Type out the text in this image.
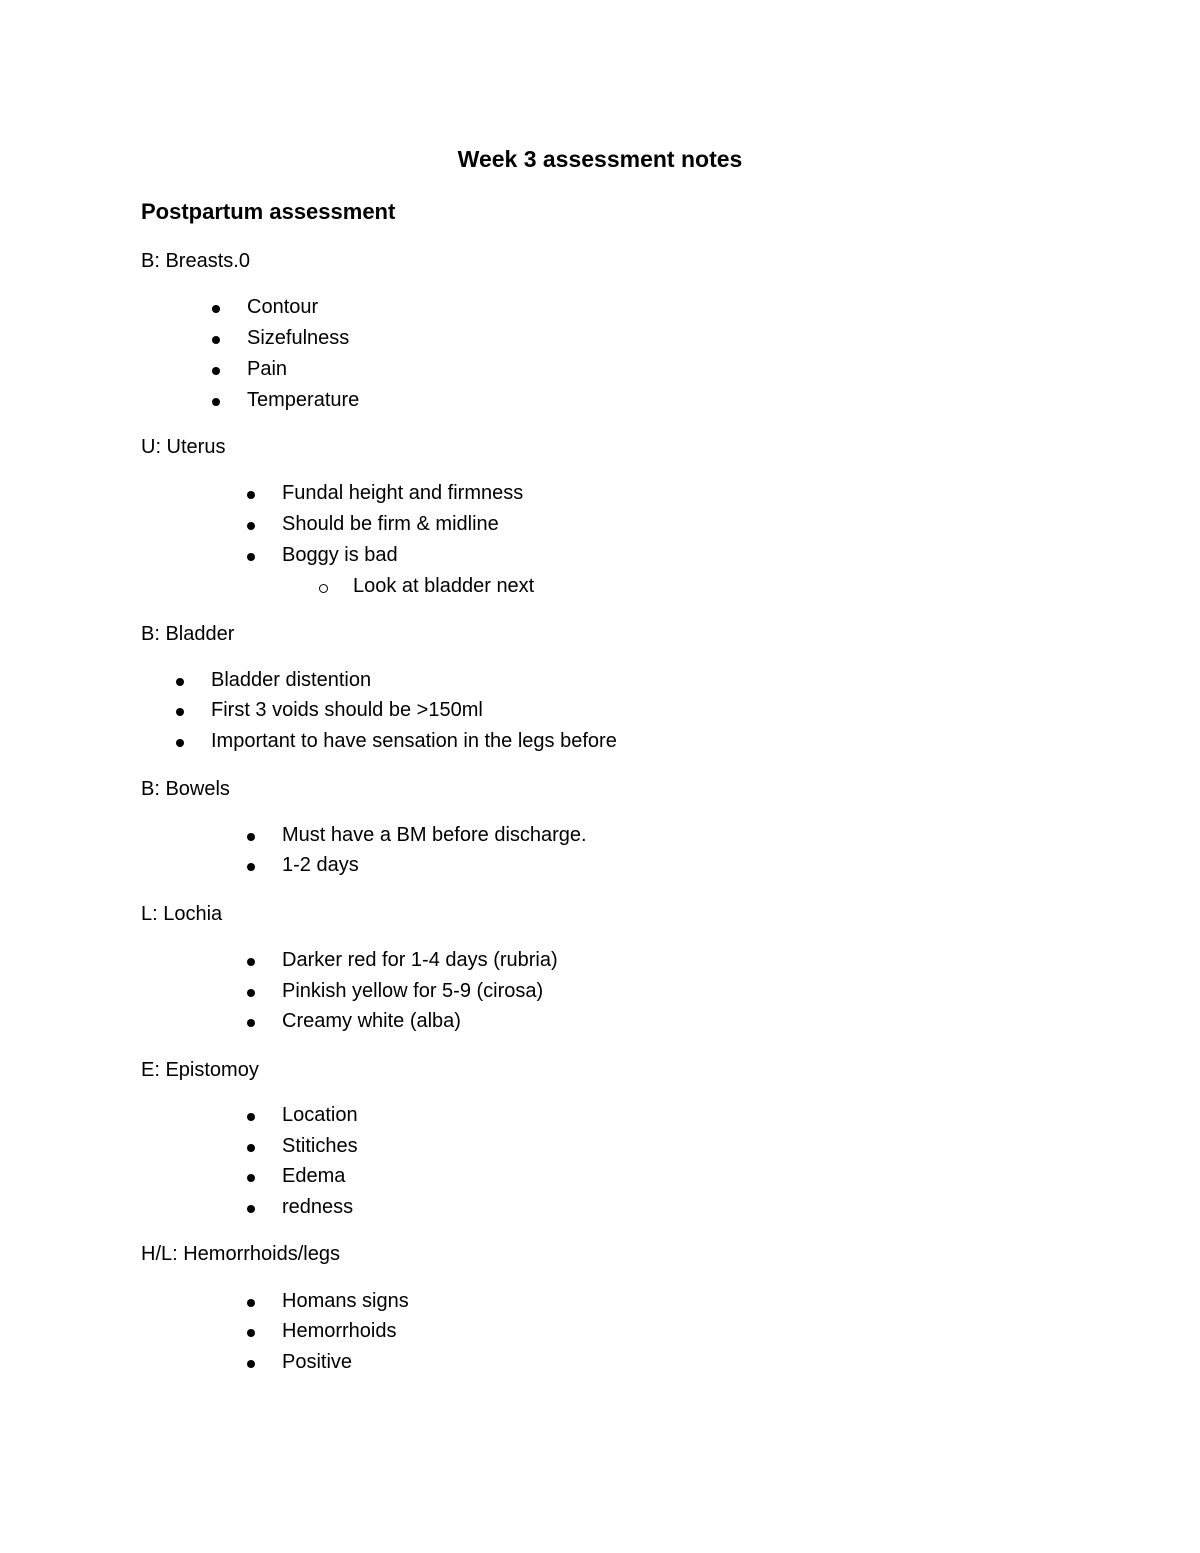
Week 3 assessment notes
Postpartum assessment
B: Breasts.0
Contour
Sizefulness
Pain
Temperature
U: Uterus
Fundal height and firmness
Should be firm & midline
Boggy is bad
Look at bladder next
B: Bladder
Bladder distention
First 3 voids should be >150ml
Important to have sensation in the legs before
B: Bowels
Must have a BM before discharge.
1-2 days
L: Lochia
Darker red for 1-4 days (rubria)
Pinkish yellow for 5-9 (cirosa)
Creamy white (alba)
E: Epistomoy
Location
Stitiches
Edema
redness
H/L: Hemorrhoids/legs
Homans signs
Hemorrhoids
Positive
